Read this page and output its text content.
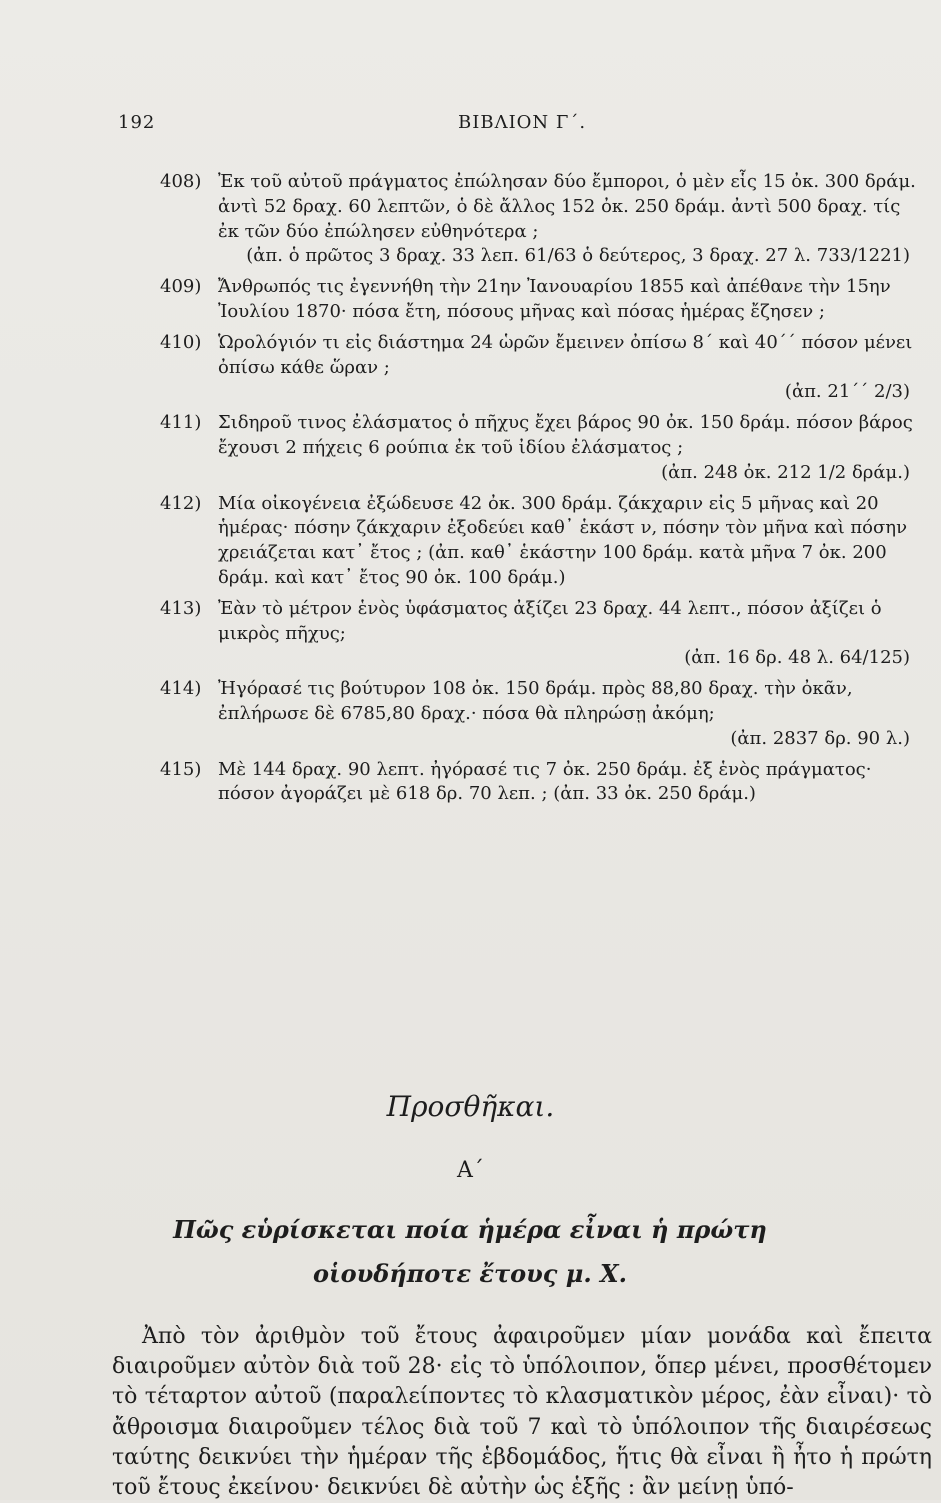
192	ΒΙΒΛΙΟΝ Γ΄.
408) Ἐκ τοῦ αὐτοῦ πράγματος ἐπώλησαν δύο ἔμποροι, ὁ μὲν εἷς 15 ὀκ. 300 δράμ. ἀντὶ 52 δραχ. 60 λεπτῶν, ὁ δὲ ἄλλος 152 ὀκ. 250 δράμ. ἀντὶ 500 δραχ. τίς ἐκ τῶν δύο ἐπώλησεν εὐθηνότερα ;
(ἀπ. ὁ πρῶτος 3 δραχ. 33 λεπ. 61/63 ὁ δεύτερος, 3 δραχ. 27 λ. 733/1221)
409) Ἄνθρωπός τις ἐγεννήθη τὴν 21ην Ἰανουαρίου 1855 καὶ ἀπέθανε τὴν 15ην Ἰουλίου 1870· πόσα ἔτη, πόσους μῆνας καὶ πόσας ἡμέρας ἔζησεν ;
410) Ὡρολόγιόν τι εἰς διάστημα 24 ὡρῶν ἔμεινεν ὀπίσω 8΄ καὶ 40΄΄ πόσον μένει ὀπίσω κάθε ὥραν ;
(ἀπ. 21΄΄ 2/3)
411) Σιδηροῦ τινος ἐλάσματος ὁ πῆχυς ἔχει βάρος 90 ὀκ. 150 δράμ. πόσον βάρος ἔχουσι 2 πήχεις 6 ρούπια ἐκ τοῦ ἰδίου ἐλάσματος ;
(ἀπ. 248 ὀκ. 212 1/2 δράμ.)
412) Μία οἰκογένεια ἐξώδευσε 42 ὀκ. 300 δράμ. ζάκχαριν εἰς 5 μῆνας καὶ 20 ἡμέρας· πόσην ζάκχαριν ἐξοδεύει καθ᾽ ἑκάστ ν, πόσην τὸν μῆνα καὶ πόσην χρειάζεται κατ᾽ ἔτος ; (ἀπ. καθ᾽ ἑκάστην 100 δράμ. κατὰ μῆνα 7 ὀκ. 200 δράμ. καὶ κατ᾽ ἔτος 90 ὀκ. 100 δράμ.)
413) Ἐὰν τὸ μέτρον ἑνὸς ὑφάσματος ἀξίζει 23 δραχ. 44 λεπτ., πόσον ἀξίζει ὁ μικρὸς πῆχυς;
(ἀπ. 16 δρ. 48 λ. 64/125)
414) Ἠγόρασέ τις βούτυρον 108 ὀκ. 150 δράμ. πρὸς 88,80 δραχ. τὴν ὀκᾶν, ἐπλήρωσε δὲ 6785,80 δραχ.· πόσα θὰ πληρώσῃ ἀκόμη;
(ἀπ. 2837 δρ. 90 λ.)
415) Μὲ 144 δραχ. 90 λεπτ. ἠγόρασέ τις 7 ὀκ. 250 δράμ. ἐξ ἑνὸς πράγματος· πόσον ἀγοράζει μὲ 618 δρ. 70 λεπ. ; (ἀπ. 33 ὀκ. 250 δράμ.)
Προσθῆκαι.
Α΄
Πῶς εὑρίσκεται ποία ἡμέρα εἶναι ἡ πρώτη
οἱουδήποτε ἔτους μ. Χ.
Ἀπὸ τὸν ἀριθμὸν τοῦ ἔτους ἀφαιροῦμεν μίαν μονάδα καὶ ἔπειτα διαιροῦμεν αὐτὸν διὰ τοῦ 28· εἰς τὸ ὑπόλοιπον, ὅπερ μένει, προσθέτομεν τὸ τέταρτον αὐτοῦ (παραλείποντες τὸ κλασματικὸν μέρος, ἐὰν εἶναι)· τὸ ἄθροισμα διαιροῦμεν τέλος διὰ τοῦ 7 καὶ τὸ ὑπόλοιπον τῆς διαιρέσεως ταύτης δεικνύει τὴν ἡμέραν τῆς ἑβδομάδος, ἥτις θὰ εἶναι ἢ ἦτο ἡ πρώτη τοῦ ἔτους ἐκείνου· δεικνύει δὲ αὐτὴν ὡς ἑξῆς : ἂν μείνῃ ὑπό-
